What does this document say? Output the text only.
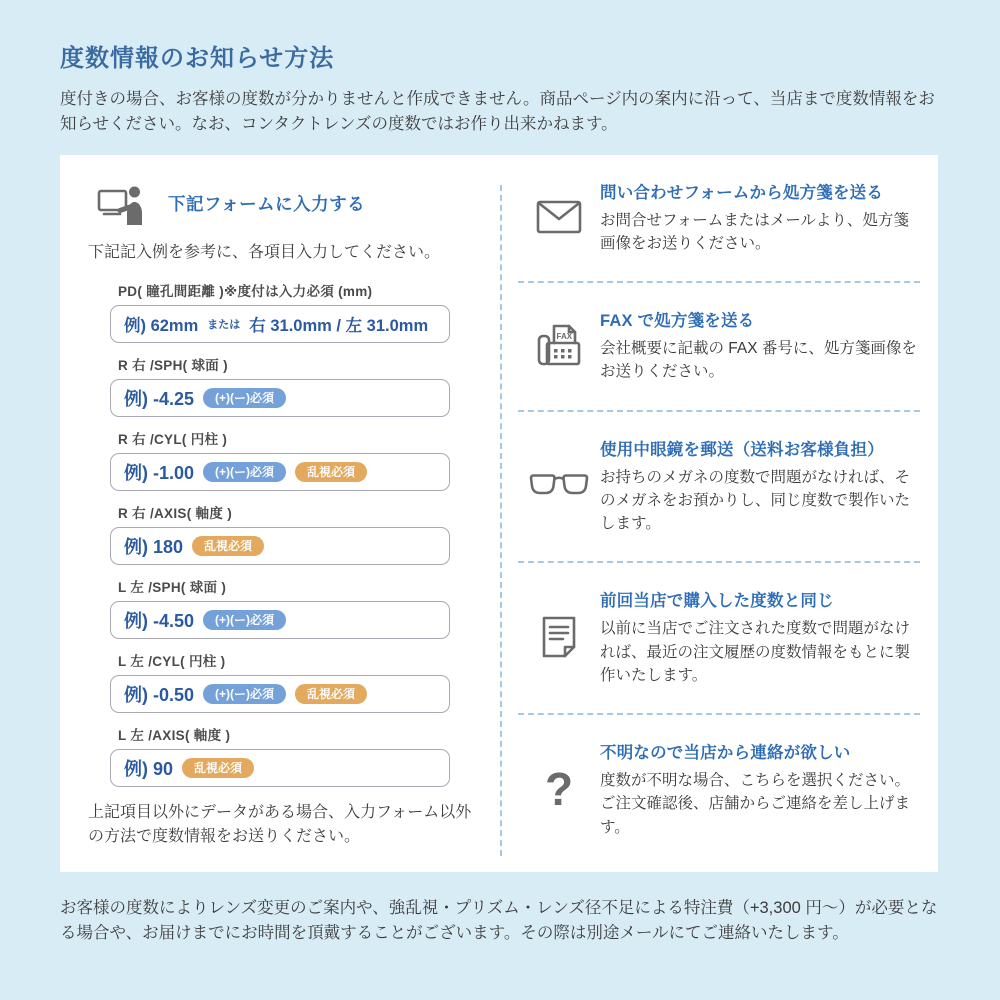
度数情報のお知らせ方法

度付きの場合、お客様の度数が分かりませんと作成できません。商品ページ内の案内に沿って、当店まで度数情報をお知らせください。なお、コンタクトレンズの度数ではお作り出来かねます。

下記フォームに入力する

下記記入例を参考に、各項目入力してください。

PD( 瞳孔間距離 )※度付は入力必須 (mm)
例) 62mm または 右 31.0mm / 左 31.0mm
R 右 /SPH( 球面 )
例) -4.25	(+)(ー)必須
R 右 /CYL( 円柱 )
例) -1.00	(+)(ー)必須	乱視必須
R 右 /AXIS( 軸度 )
例) 180	乱視必須
L 左 /SPH( 球面 )
例) -4.50	(+)(ー)必須
L 左 /CYL( 円柱 )
例) -0.50	(+)(ー)必須	乱視必須
L 左 /AXIS( 軸度 )
例) 90	乱視必須

上記項目以外にデータがある場合、入力フォーム以外の方法で度数情報をお送りください。

問い合わせフォームから処方箋を送る
お問合せフォームまたはメールより、処方箋画像をお送りください。
FAX
FAX で処方箋を送る
会社概要に記載の FAX 番号に、処方箋画像をお送りください。
使用中眼鏡を郵送（送料お客様負担）
お持ちのメガネの度数で問題がなければ、そのメガネをお預かりし、同じ度数で製作いたします。
前回当店で購入した度数と同じ
以前に当店でご注文された度数で問題がなければ、最近の注文履歴の度数情報をもとに製作いたします。
?
不明なので当店から連絡が欲しい
度数が不明な場合、こちらを選択ください。ご注文確認後、店舗からご連絡を差し上げます。

お客様の度数によりレンズ変更のご案内や、強乱視・プリズム・レンズ径不足による特注費（+3,300 円〜）が必要となる場合や、お届けまでにお時間を頂戴することがございます。その際は別途メールにてご連絡いたします。
